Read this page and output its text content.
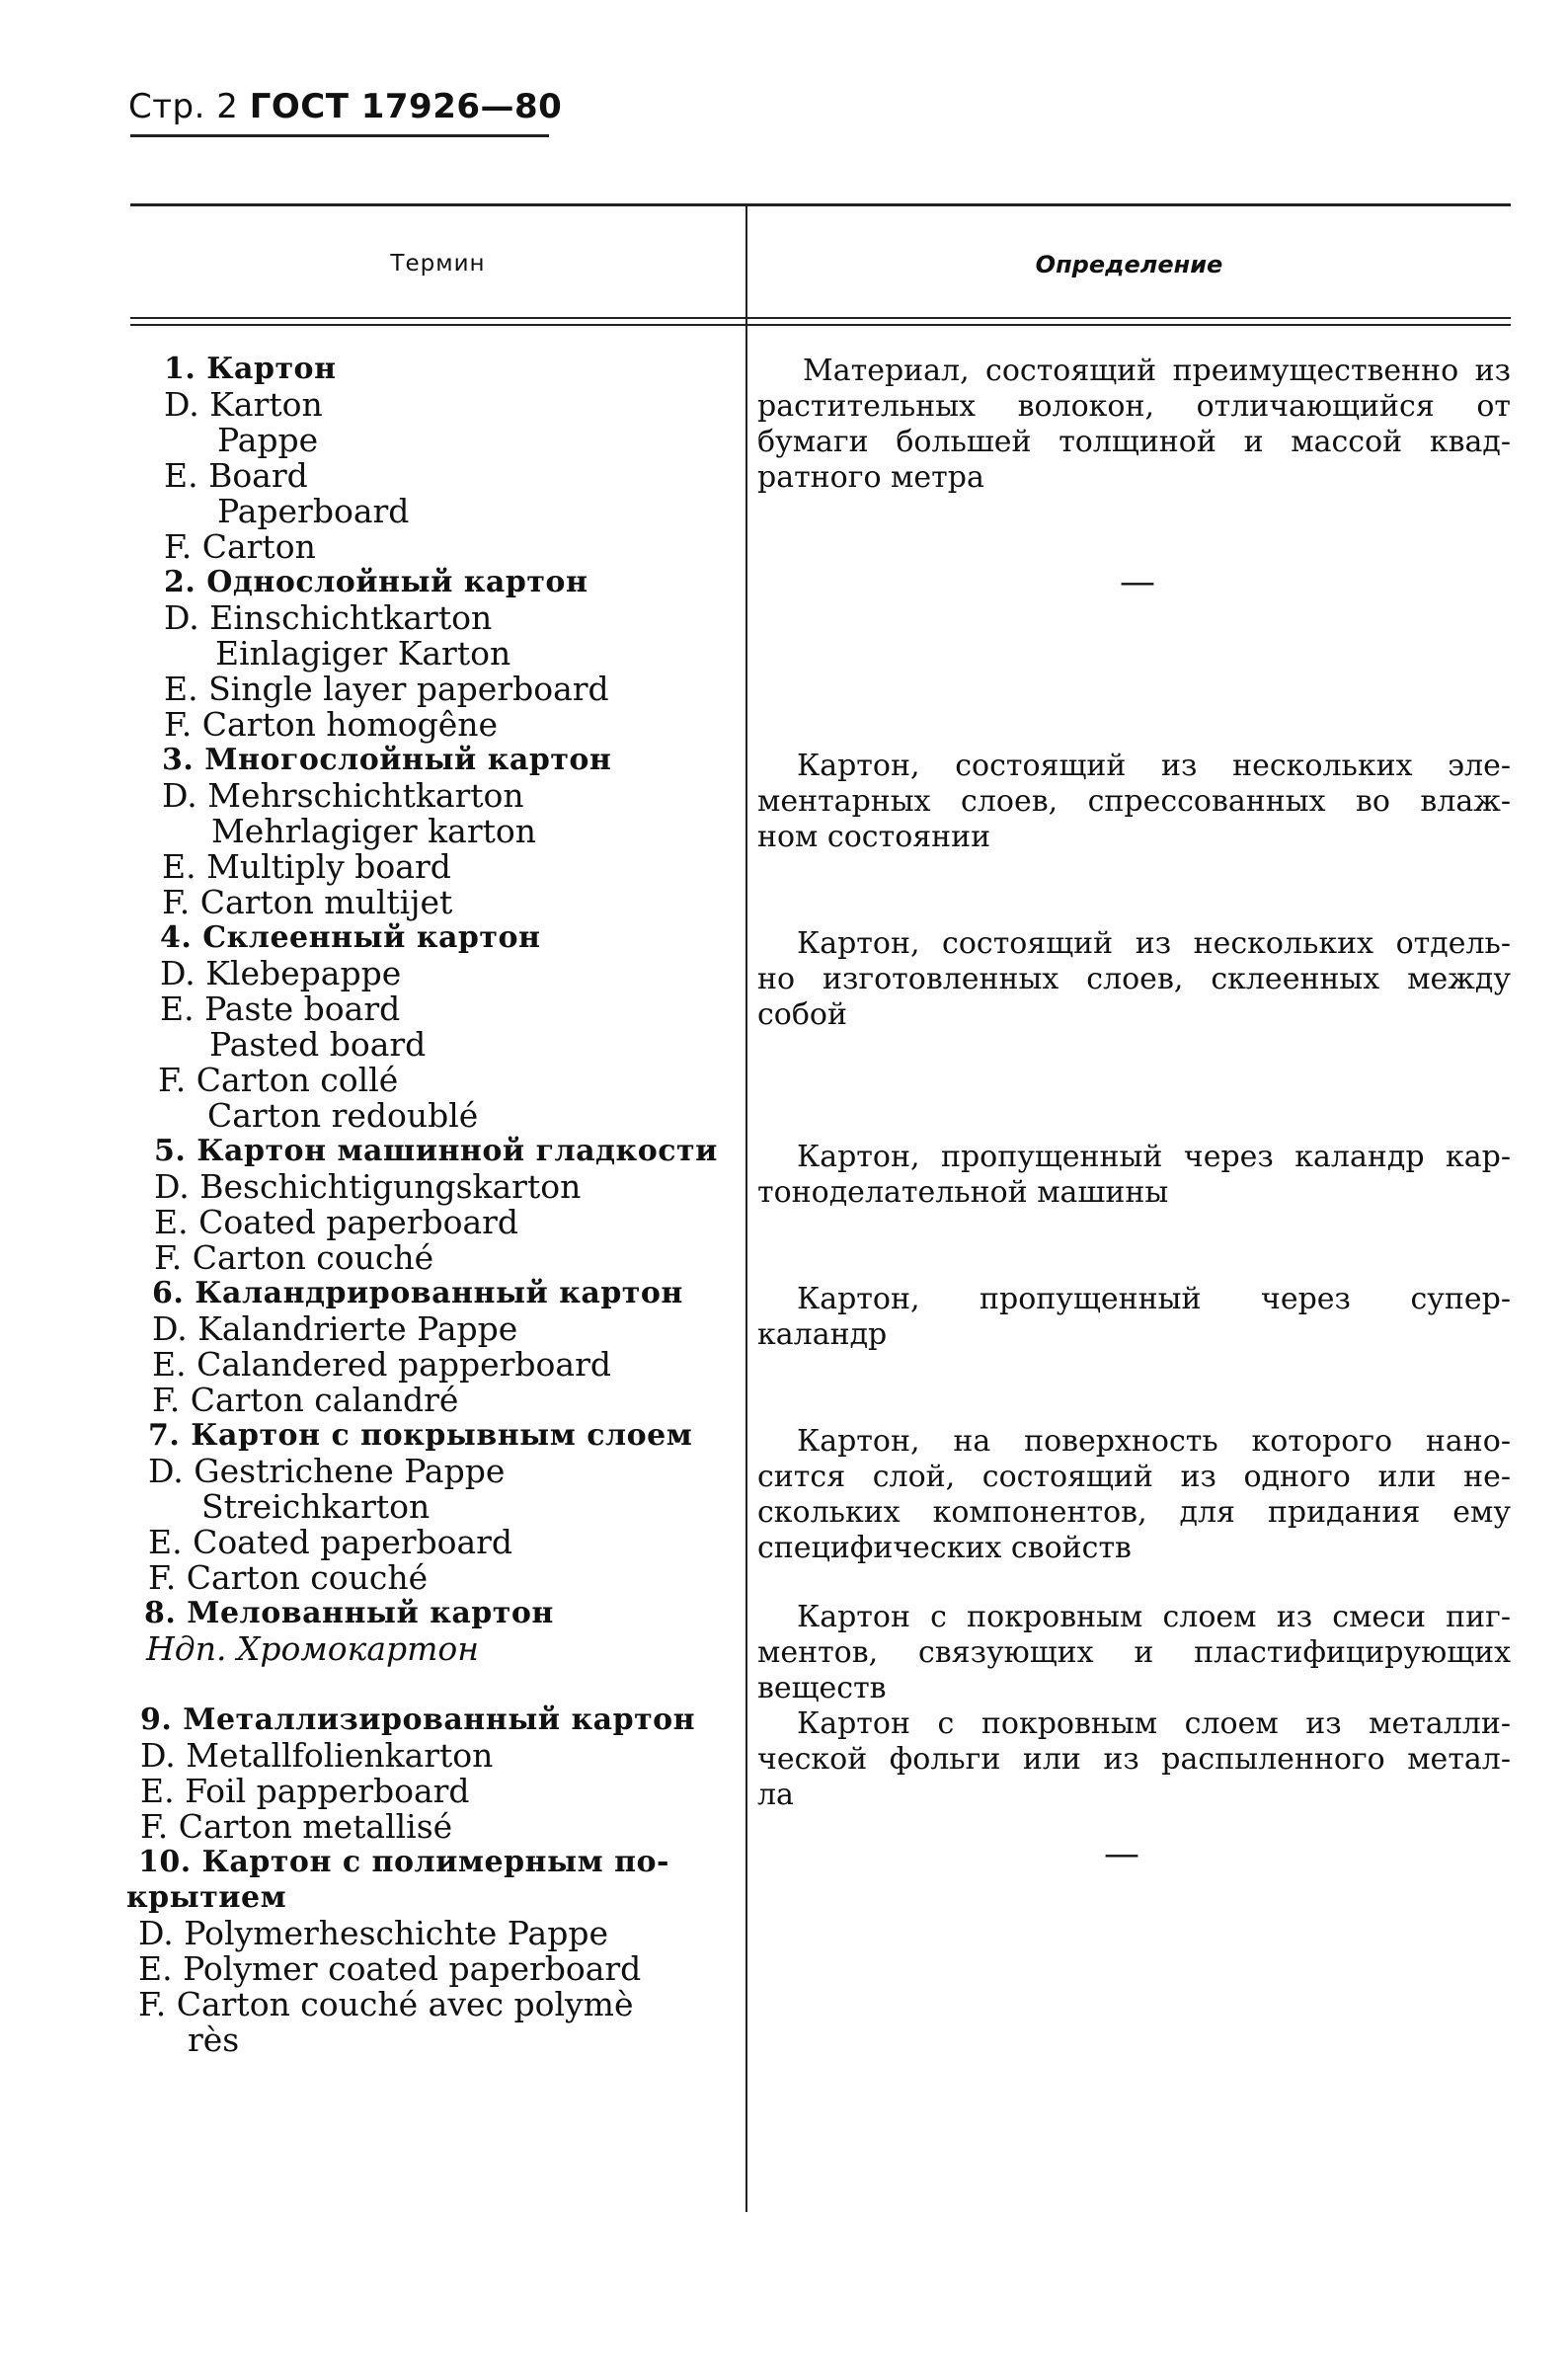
Стр. 2 ГОСТ 17926—80
Термин	Определение
1. Картон
D. Karton
Pappe
E. Board
Paperboard
F. Carton
2. Однослойный картон
D. Einschichtkarton
Einlagiger Karton
E. Single layer paperboard
F. Carton homogêne
3. Многослойный картон
D. Mehrschichtkarton
Mehrlagiger karton
E. Multiply board
F. Carton multijet
4. Склеенный картон
D. Klebepappe
E. Paste board
Pasted board
F. Carton collé
Carton redoublé
5. Картон машинной гладкости
D. Beschichtigungskarton
E. Coated paperboard
F. Carton couché
6. Каландрированный картон
D. Kalandrierte Pappe
E. Calandered papperboard
F. Carton calandré
7. Картон с покрывным слоем
D. Gestrichene Pappe
Streichkarton
E. Coated paperboard
F. Carton couché
8. Мелованный картон
Ндп. Хромокартон
9. Металлизированный картон
D. Metallfolienkarton
E. Foil papperboard
F. Carton metallisé
10. Картон с полимерным по-
крытием
D. Polymerheschichte Pappe
E. Polymer coated paperboard
F. Carton couché avec polymè
rès
Материал, состоящий преимущественно из
растительных волокон, отличающийся от
бумаги большей толщиной и массой квад-
ратного метра
—
Картон, состоящий из нескольких эле-
ментарных слоев, спрессованных во влаж-
ном состоянии
Картон, состоящий из нескольких отдель-
но изготовленных слоев, склеенных между
собой
Картон, пропущенный через каландр кар-
тоноделательной машины
Картон, пропущенный через супер-
каландр
Картон, на поверхность которого нано-
сится слой, состоящий из одного или не-
скольких компонентов, для придания ему
специфических свойств
Картон с покровным слоем из смеси пиг-
ментов, связующих и пластифицирующих
веществ
Картон с покровным слоем из металли-
ческой фольги или из распыленного метал-
ла
—
